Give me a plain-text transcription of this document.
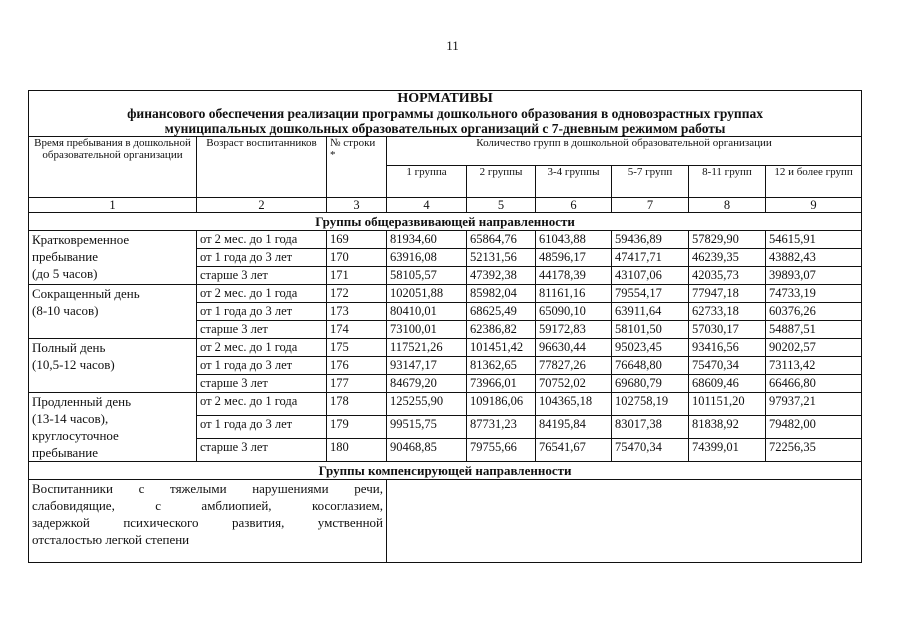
11
НОРМАТИВЫ
финансового обеспечения реализации программы дошкольного образования в одновозрастных группах
муниципальных дошкольных образовательных организаций с 7-дневным режимом работы								

Время пребывания в дошкольной образовательной организации	Возраст воспитанников	№ строки *	Количество групп в дошкольной образовательной организации					
			1 группа	2 группы	3-4 группы	5-7 групп	8-11 групп	12 и более групп
1	2	3	4	5	6	7	8	9
Группы общеразвивающей направленности								

Кратковременное
пребывание
(до 5 часов)	от 2 мес. до 1 года	169	81934,60	65864,76	61043,88	59436,89	57829,90	54615,91
	от 1 года до 3 лет	170	63916,08	52131,56	48596,17	47417,71	46239,35	43882,43
	старше 3 лет	171	58105,57	47392,38	44178,39	43107,06	42035,73	39893,07

Сокращенный день
(8-10 часов)	от 2 мес. до 1 года	172	102051,88	85982,04	81161,16	79554,17	77947,18	74733,19
	от 1 года до 3 лет	173	80410,01	68625,49	65090,10	63911,64	62733,18	60376,26
	старше 3 лет	174	73100,01	62386,82	59172,83	58101,50	57030,17	54887,51

Полный день
(10,5-12 часов)	от 2 мес. до 1 года	175	117521,26	101451,42	96630,44	95023,45	93416,56	90202,57
	от 1 года до 3 лет	176	93147,17	81362,65	77827,26	76648,80	75470,34	73113,42
	старше 3 лет	177	84679,20	73966,01	70752,02	69680,79	68609,46	66466,80

Продленный день
(13-14 часов),
круглосуточное
пребывание	от 2 мес. до 1 года	178	125255,90	109186,06	104365,18	102758,19	101151,20	97937,21
	от 1 года до 3 лет	179	99515,75	87731,23	84195,84	83017,38	81838,92	79482,00
	старше 3 лет	180	90468,85	79755,66	76541,67	75470,34	74399,01	72256,35
Группы компенсирующей направленности								

Воспитанники с тяжелыми нарушениями речи,
слабовидящие, с амблиопией, косоглазием,
задержкой психического развития, умственной
отсталостью легкой степени								
